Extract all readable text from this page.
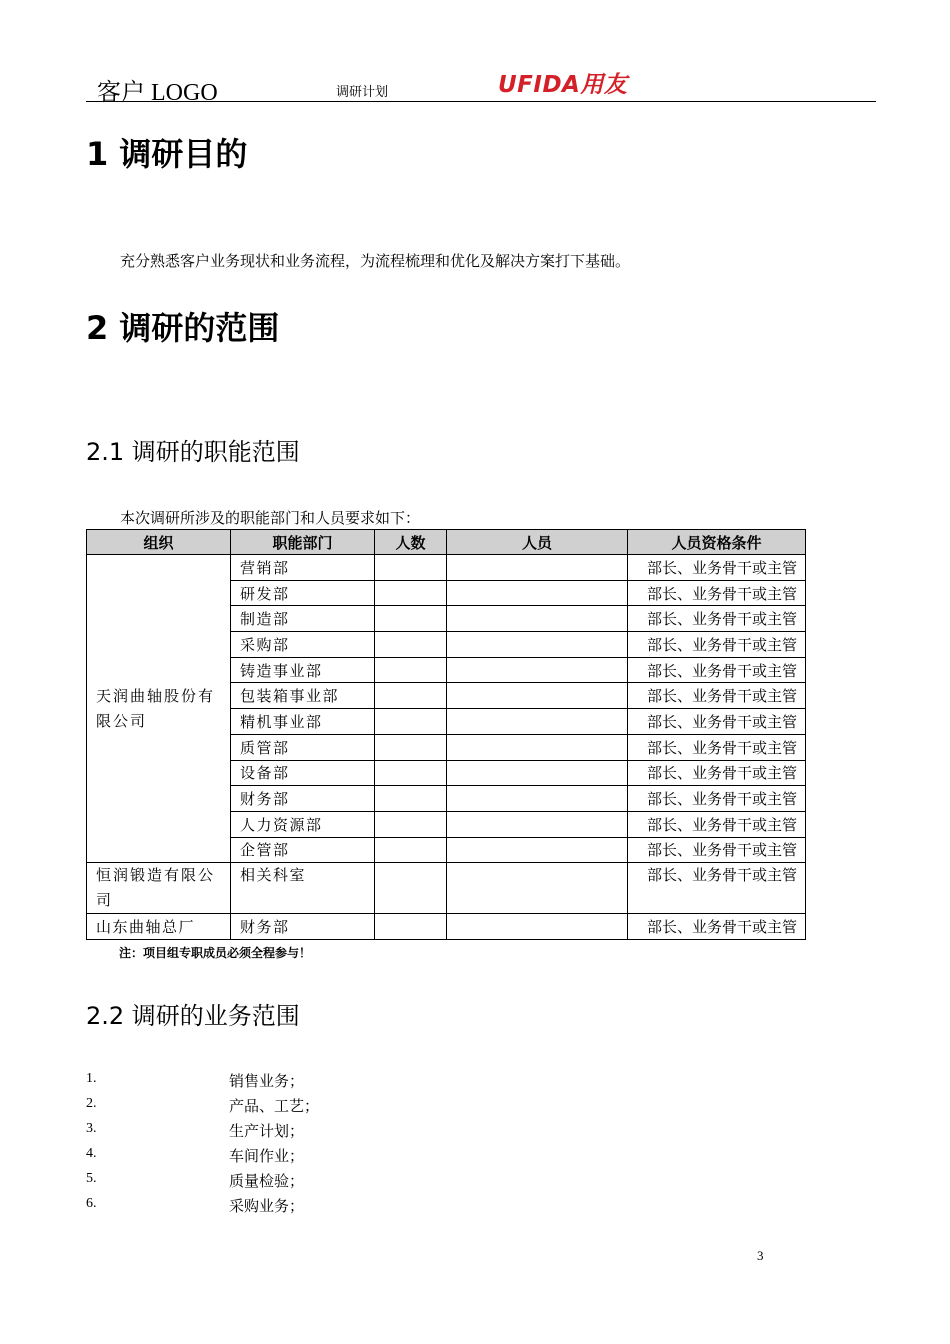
客户 LOGO	调研计划	UFIDA用友
1 调研目的
充分熟悉客户业务现状和业务流程，为流程梳理和优化及解决方案打下基础。
2 调研的范围
2.1 调研的职能范围
本次调研所涉及的职能部门和人员要求如下：
组织	职能部门	人数	人员	人员资格条件
天润曲轴股份有限公司	营销部			部长、业务骨干或主管
	研发部			部长、业务骨干或主管
	制造部			部长、业务骨干或主管
	采购部			部长、业务骨干或主管
	铸造事业部			部长、业务骨干或主管
	包装箱事业部			部长、业务骨干或主管
	精机事业部			部长、业务骨干或主管
	质管部			部长、业务骨干或主管
	设备部			部长、业务骨干或主管
	财务部			部长、业务骨干或主管
	人力资源部			部长、业务骨干或主管
	企管部			部长、业务骨干或主管
恒润锻造有限公司	相关科室			部长、业务骨干或主管
山东曲轴总厂	财务部			部长、业务骨干或主管
注：项目组专职成员必须全程参与！
2.2 调研的业务范围
1.	销售业务；
2.	产品、工艺；
3.	生产计划；
4.	车间作业；
5.	质量检验；
6.	采购业务；
3
